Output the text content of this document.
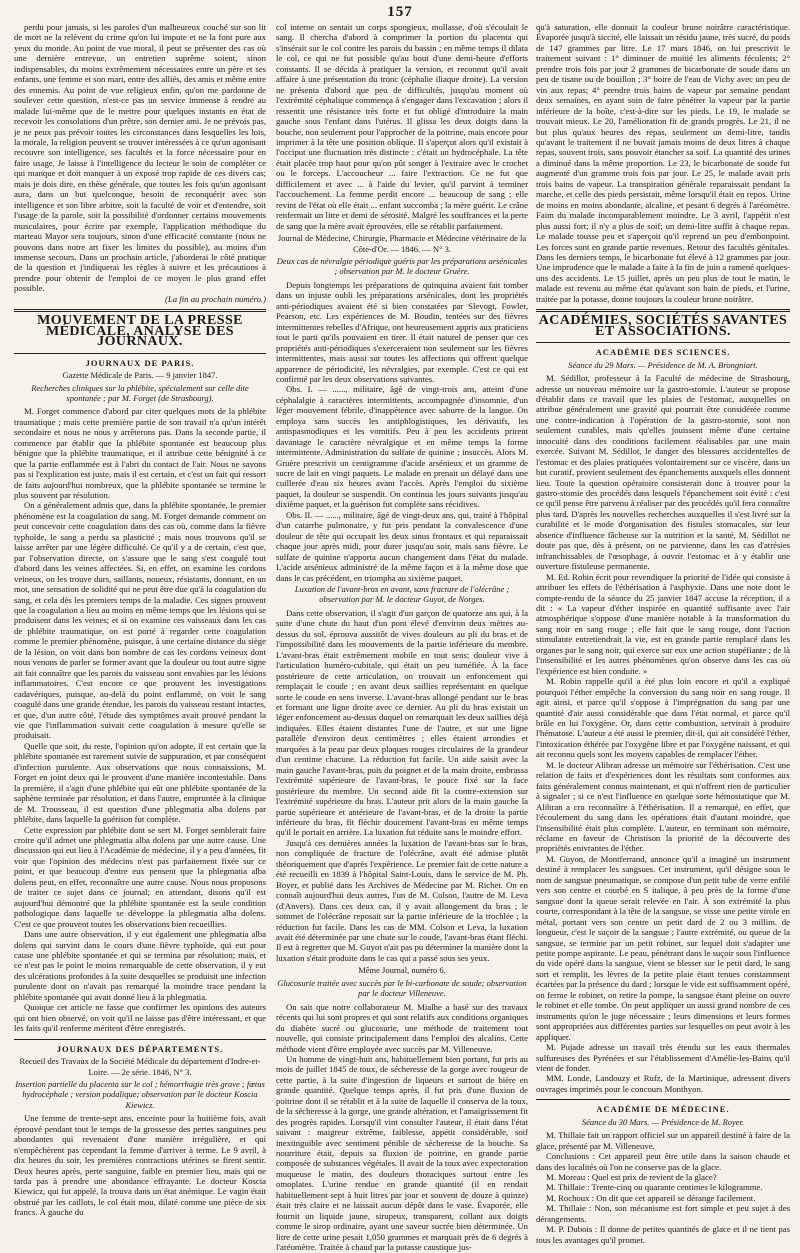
157

perdu pour jamais, si les paroles d'un malheureux couché sur son lit de mort ne la relèvent du crime qu'on lui impute et ne la font pure aux yeux du monde. Au point de vue moral, il peut se présenter des cas où une dernière entrevue, un entretien suprême soient, sinon indispensables, du moins extrêmement nécessaires entre un père et ses enfants, une femme et son mari, entre des alliés, des amis et même entre des ennemis. Au point de vue religieux enfin, qu'on me pardonne de soulever cette question, n'est-ce pas un service immense à rendre au malade lui-même que de le mettre pour quelques instants en état de recevoir les consolations d'un prêtre, son dernier ami. Je ne prévois pas, je ne peux pas prévoir toutes les circonstances dans lesquelles les lois, la morale, la religion peuvent se trouver intéressées à ce qu'un agonisant recouvre son intelligence, ses facultés et la force nécessaire pour en faire usage. Je laisse à l'intelligence du lecteur le soin de compléter ce qui manque et doit manquer à un exposé trop rapide de ces divers cas; mais je dois dire, en thèse générale, que toutes les fois qu'un agonisant aura, dans un but quelconque, besoin de reconquérir avec son intelligence et son libre arbitre, soit la faculté de voir et d'entendre, soit l'usage de la parole, soit la possibilité d'ordonner certains mouvements musculaires, pour écrire par exemple, l'application méthodique du marteau Mayor sera toujours, sinon d'une efficacité constante (nous ne pouvons dans notre art fixer les limites du possible), au moins d'un immense secours. Dans un prochain article, j'aborderai le côté pratique de la question et j'indiquerai les règles à suivre et les précautions à prendre pour obtenir de l'emploi de ce moyen le plus grand effet possible.

(La fin au prochain numéro.)
MOUVEMENT DE LA PRESSE MÉDICALE, ANALYSE DES JOURNAUX.
JOURNAUX DE PARIS.
Gazette Médicale de Paris. — 9 janvier 1847.
Recherches cliniques sur la phlébite, spécialement sur celle dite spontanée ; par M. Forget (de Strasbourg).

M. Forget commence d'abord par citer quelques mots de la phlébite traumatique ; mais cette première partie de son travail n'a qu'un intérêt secondaire et nous ne nous y arrêterons pas. Dans la seconde partie, il commence par établir que la phlébite spontanée est beaucoup plus bénigne que la phlébite traumatique, et il attribue cette bénignité à ce que la partie enflammée est à l'abri du contact de l'air. Nous ne savons pas si l'explication est juste, mais il est certain, et c'est un fait qui ressort de faits aujourd'hui nombreux, que la phlébite spontanée se termine le plus souvent par résolution.

On a généralement admis que, dans la phlébite spontanée, le premier phénomène est la coagulation du sang. M. Forget demande comment on peut concevoir cette coagulation dans des cas où, comme dans la fièvre typhoïde, le sang a perdu sa plasticité ; mais nous trouvons qu'il se laisse arrêter par une légère difficulté. Ce qu'il y a de certain, c'est que, par l'observation directe, on s'assure que le sang s'est coagulé tout d'abord dans les veines affectées. Si, en effet, on examine les cordons veineux, on les trouve durs, saillants, noueux, résistants, donnant, en un mot, une sensation de solidité qui ne peut être due qu'à la coagulation du sang, et cela dès les premiers temps de la maladie. Ces signes prouvent que la coagulation a lieu au moins en même temps que les lésions qui se produisent dans les veines; et si on examine ces vaisseaux dans les cas de phlébite traumatique, on est porté à regarder cette coagulation comme le premier phénomène, puisque, à une certaine distance du siège de la lésion, on voit dans bon nombre de cas les cordons veineux dont nous venons de parler se former avant que la douleur ou tout autre signe ait fait connaître que les parois du vaisseau sont envahies par les lésions inflammatoires. C'est encore ce que prouvent les investigations cadavériques, puisque, au-delà du point enflammé, on voit le sang coagulé dans une grande étendue, les parois du vaisseau restant intactes, et que, d'un autre côté, l'étude des symptômes avait prouvé pendant la vie que l'inflammation suivait cette coagulation à mesure qu'elle se produisait.

Quelle que soit, du reste, l'opinion qu'on adopte, il est certain que la phlébite spontanée est rarement suivie de suppuration, et par conséquent d'infection purulente. Aux observations que nous connaissions, M. Forget en joint deux qui le prouvent d'une manière incontestable. Dans la première, il s'agit d'une phlébite qui eût une phlébite spontanée de la saphène terminée par résolution, et dans l'autre, empruntée à la clinique de M. Trousseau, il est question d'une phlegmatia alba dolens par phlébite, dans laquelle la guérison fut complète.

Cette expression par phlébite dont se sert M. Forget semblerait faire croire qu'il admet une phlegmatia alba dolens par une autre cause. Une discussion qui eut lieu à l'Académie de médecine, il y a peu d'années, fit voir que l'opinion des médecins n'est pas parfaitement fixée sur ce point, et que beaucoup d'entre eux pensent que la phlegmatia alba dolens peut, en effet, reconnaître une autre cause. Nous nous proposons de traiter ce sujet dans ce journal; en attendant, disons qu'il est aujourd'hui démontré que la phlébite spontanée est la seule condition pathologique dans laquelle se développe la phlegmatia alba dolens. C'est ce que prouvent toutes les observations bien recueillies.

Dans une autre observation, il y eut également une phlegmatia alba dolens qui survint dans le cours d'une fièvre typhoïde, qui eut pour cause une phlébite spontanée et qui se termina par résolution; mais, et ce n'est pas le point le moins remarquable de cette observation, il y eut des ulcérations profondes à la suite desquelles se produisit une infection purulente dont on n'avait pas remarqué la moindre trace pendant la phlébite spontanée qui avait donné lieu à la phlegmatia.

Quoique cet article ne fasse que confirmer les opinions des auteurs qui ont bien observé, on voit qu'il ne laisse pas d'être intéressant, et que les faits qu'il renferme méritent d'être enregistrés.

JOURNAUX DES DÉPARTEMENTS.
Recueil des Travaux de la Société Médicale du département d'Indre-et-Loire. — 2e série. 1846, N° 3.
Insertion partielle du placenta sur le col ; hémorrhagie très grave ; fœtus hydrocéphale ; version podalique; observation par le docteur Koscia Kiewicz.

Une femme de trente-sept ans, enceinte pour la huitième fois, avait éprouvé pendant tout le temps de la grossesse des pertes sanguines peu abondantes qui revenaient d'une manière irrégulière, et qui n'empêchèrent pas cependant la femme d'arriver à terme. Le 9 avril, à dix heures du soir, les premières contractions utérines se firent sentir. Deux heures après, perte sanguine, faible en premier lieu, mais qui ne tarda pas à prendre une abondance effrayante. Le docteur Koscia Kiewicz, qui fut appelé, la trouva dans un état anémique. Le vagin était obstrué par les caillots, le col était mou, dilaté comme une pièce de six francs. À gauche du

col interne on sentait un corps spongieux, mollasse, d'où s'écoulait le sang. Il chercha d'abord à comprimer la portion du placenta qui s'insérait sur le col contre les parois du bassin ; en même temps il dilata le col, ce qui ne fut possible qu'au bout d'une demi-heure d'efforts constants. Il se décida à pratiquer la version, et reconnut qu'il avait affaire à une présentation du tronc (céphalie iliaque droite). La version ne présenta d'abord que peu de difficultés, jusqu'au moment où l'extrémité céphalique commença à s'engager dans l'excavation ; alors il ressentit une résistance très forte et fut obligé d'introduire la main gauche sous l'enfant dans l'utérus. Il glissa les deux doigts dans la bouche, non seulement pour l'approcher de la poitrine, mais encore pour imprimer à la tête une position oblique. Il s'aperçut alors qu'il existait à l'occiput une fluctuation très distincte : c'était un hydrocéphale. La tête était placée trop haut pour qu'on pût songer à l'extraire avec le crochet ou le forceps. L'accoucheur ... faire l'extraction. Ce ne fut que difficilement et avec ... à l'aide du levier, qu'il parvint à terminer l'accouchement. La femme perdit encore ... beaucoup de sang ; elle revint de l'état où elle était ... enfant succomba ; la mère guérit. Le crâne renfermait un litre et demi de sérosité. Malgré les souffrances et la perte de sang que la mère avait éprouvées, elle se rétablit parfaitement.

Journal de Médecine, Chirurgie, Pharmacie et Médecine vétérinaire de la Côte-d'Or. — 1846. — N° 3.
Deux cas de névralgie périodique guéris par les préparations arsénicales ; observation par M. le docteur Gruère.

Depuis longtemps les préparations de quinquina avaient fait tomber dans un injuste oubli les préparations arsénicales, dont les propriétés anti-périodiques avaient été si bien constatées par Slevogt, Fowler, Pearson, etc. Les expériences de M. Boudin, tentées sur des fièvres intermittentes rebelles d'Afrique, ont heureusement appris aux praticiens tout le parti qu'ils pouvaient en tirer. Il était naturel de penser que ces propriétés anti-périodiques s'exerceraient non seulement sur les fièvres intermittentes, mais aussi sur toutes les affections qui offrent quelque apparence de périodicité, les névralgies, par exemple. C'est ce qui est confirmé par les deux observations suivantes.

Obs. I. — ......, militaire, âgé de vingt-trois ans, atteint d'une céphalalgie à caractères intermittents, accompagnée d'insomnie, d'un léger mouvement fébrile, d'inappétence avec saburre de la langue. On employa sans succès les antiphlogistiques, les dérivatifs, les antispasmodiques et les vomitifs. Peu à peu les accidents prirent davantage le caractère névralgique et en même temps la forme intermittente. Administration du sulfate de quinine ; insuccès. Alors M. Gruère prescrivit un centigramme d'acide arsénieux et un gramme de sucre de lait en vingt paquets. Le malade en prenait un délayé dans une cuillerée d'eau six heures avant l'accès. Après l'emploi du sixième paquet, la douleur se suspendit. On continua les jours suivants jusqu'au dixième paquet, et la guérison fut complète sans récidives.

Obs. II. — ......, militaire, âgé de vingt-deux ans, qui, traité à l'hôpital d'un catarrhe pulmonaire, y fut pris pendant la convalescence d'une douleur de tête qui occupait les deux sinus frontaux et qui reparaissait chaque jour après midi, pour durer jusqu'au soir, mais sans fièvre. Le sulfate de quinine n'apporta aucun changement dans l'état du malade. L'acide arsénieux administré de la même façon et à la même dose que dans le cas précédent, en triompha au sixième paquet.

Luxation de l'avant-bras en avant, sans fracture de l'olécrâne ; observation par M. le docteur Guyot, de Norges.

Dans cette observation, il s'agit d'un garçon de quatorze ans qui, à la suite d'une chute du haut d'un pont élevé d'environ deux mètres au-dessus du sol, éprouva aussitôt de vives douleurs au pli du bras et de l'impossibilité dans les mouvements de la partie inférieure du membre. L'avant-bras était extrêmement mobile en tout sens; douleur vive à l'articulation huméro-cubitale, qui était un peu tuméfiée. À la face postérieure de cette articulation, on trouvait un enfoncement qui remplaçait le coude ; en avant deux saillies représentant en quelque sorte le coude en sens inverse. L'avant-bras allongé pendant sur le bras et formant une ligne droite avec ce dernier. Au pli du bras existait un léger enfoncement au-dessus duquel on remarquait les deux saillies déjà indiquées. Elles étaient distantes l'une de l'autre, et sur une ligne parallèle d'environ deux centimètres ; elles étaient arrondies et marquées à la peau par deux plaques rouges circulaires de la grandeur d'un centime chacune. La réduction fut facile. Un aide saisit avec la main gauche l'avant-bras, puis du poignet et de la main droite, embrassa l'extrémité supérieure de l'avant-bras, le pouce fixé sur la face postérieure du membre. Un second aide fit la contre-extension sur l'extrémité supérieure du bras. L'auteur prit alors de la main gauche la partie supérieure et antérieure de l'avant-bras, et de la droite la partie inférieure du bras, fit fléchir doucement l'avant-bras en même temps qu'il le portait en arrière. La luxation fut réduite sans le moindre effort.

Jusqu'à ces dernières années la luxation de l'avant-bras sur le bras, non compliquée de fracture de l'olécrâne, avait été admise plutôt théoriquement que d'après l'expérience. Le premier fait de cette nature a été recueilli en 1839 à l'hôpital Saint-Louis, dans le service de M. Ph. Boyer, et publié dans les Archives de Médecine par M. Richet. On en connaît aujourd'hui deux autres, l'un de M. Colson, l'autre de M. Leva (d'Anvers). Dans ces deux cas, il y avait allongement du bras ; le sommet de l'olécrâne reposait sur la partie inférieure de la trochlée ; la réduction fut facile. Dans les cas de MM. Colson et Leva, la luxation avait été déterminée par une chute sur le coude, l'avant-bras étant fléchi. Il est à regretter que M. Guyot n'ait pas pu déterminer la manière dont la luxation s'était produite dans le cas qui a passé sous ses yeux.

Même Journal, numéro 6.
Glucosurie traitée avec succès par le bi-carbonate de soude; observation par le docteur Villeneuve.

On sait que notre collaborateur M. Mialhe a basé sur des travaux récents qui lui sont propres et qui sont relatifs aux conditions organiques du diabète sucré ou glucosurie, une méthode de traitement tout nouvelle, qui consiste principalement dans l'emploi des alcalins. Cette méthode vient d'être employée avec succès par M. Villeneuve.

Un homme de vingt-huit ans, habituellement bien portant, fut pris au mois de juillet 1845 de toux, de sécheresse de la gorge avec rougeur de cette partie, à la suite d'ingestion de liqueurs et surtout de bière en grande quantité. Quelque temps après, il fut pris d'une fluxion de poitrine dont il se rétablit et à la suite de laquelle il conserva de la toux, de la sécheresse à la gorge, une grande altération, et l'amaigrissement fit des progrès rapides. Lorsqu'il vint consulter l'auteur, il était dans l'état suivant : maigreur extrême, faiblesse, appétit considérable, soif inextinguible avec sentiment pénible de sécheresse de la bouche. Sa nourriture était, depuis sa fluxion de poitrine, en grande partie composée de substances végétales. Il avait de la toux avec expectoration muqueuse le matin, des douleurs thoraciques surtout entre les omoplates. L'urine rendue en grande quantité (il en rendait habituellement sept à huit litres par jour et souvent de douze à quinze) était très claire et ne laissait aucun dépôt dans le vase. Évaporée, elle fournit un liquide jaune, sirupeux, transparent, collant aux doigts comme le sirop ordinaire, ayant une saveur sucrée bien déterminée. Un litre de cette urine pesait 1,050 grammes et marquait près de 6 degrés à l'aréomètre. Traitée à chaud par la potasse caustique jus-

qu'à saturation, elle donnait la couleur brune noirâtre caractéristique. Évaporée jusqu'à siccité, elle laissait un résidu jaune, très sucré, du poids de 147 grammes par litre. Le 17 mars 1846, on lui prescrivit le traitement suivant : 1° diminuer de moitié les aliments féculents; 2° prendre trois fois par jour 2 grammes de bicarbonate de soude dans un peu de tisane ou de bouillon ; 3° boire de l'eau de Vichy avec un peu de vin aux repas; 4° prendre trois bains de vapeur par semaine pendant deux semaines, en ayant soin de faire pénétrer la vapeur par la partie inférieure de la boîte, c'est-à-dire sur les pieds. Le 19, le malade se trouvait mieux. Le 20, l'amélioration fit de grands progrès. Le 21, il ne but plus qu'aux heures des repas, seulement un demi-litre, tandis qu'avant le traitement il ne buvait jamais moins de deux litres à chaque repas, souvent trois, sans pouvoir étancher sa soif. La quantité des urines a diminué dans la même proportion. Le 23, le bicarbonate de soude fut augmenté d'un gramme trois fois par jour. Le 25, le malade avait pris trois bains de vapeur. La transpiration générale reparaissait pendant la marche, et celle des pieds persistait, même lorsqu'il était en repos. Urine de moins en moins abondante, alcaline, et pesant 6 degrés à l'aréomètre. Faim du malade incomparablement moindre. Le 3 avril, l'appétit n'est plus aussi fort; il n'y a plus de soif; un demi-litre suffit à chaque repas. Le malade tousse peu et s'aperçoit qu'il reprend un peu d'embonpoint. Les forces sont en grande partie revenues. Retour des facultés génitales. Dans les derniers temps, le bicarbonate fut élevé à 12 grammes par jour. Une imprudence que le malade a faite à la fin de juin a ramené quelques-uns des accidents. Le 15 juillet, après un peu plus de tout le matin, le malade est revenu au même état qu'avant son bain de pieds, et l'urine, traitée par la potasse, donne toujours la couleur brune noirâtre.

ACADÉMIES, SOCIÉTÉS SAVANTES ET ASSOCIATIONS.
ACADÉMIE DES SCIENCES.
Séance du 29 Mars. — Présidence de M. A. Brongniart.

M. Sédillot, professeur à la Faculté de médecine de Strasbourg, adresse un nouveau mémoire sur la gastro-stomie. L'auteur se propose d'établir dans ce travail que les plaies de l'estomac, auxquelles on attribue généralement une gravité qui pourrait être considérée comme une contre-indication à l'opération de la gastro-stomie, sont non seulement curables, mais qu'elles jouissent même d'une certaine innocuité dans des conditions facilement réalisables par une main exercée. Suivant M. Sédillot, le danger des blessures accidentelles de l'estomac et des plaies pratiquées volontairement sur ce viscère, dans un but curatif, provient seulement des épanchements auxquels elles donnent lieu. Toute la question opératoire consisterait donc à trouver pour la gastro-stomie des procédés dans lesquels l'épanchement soit évité : c'est ce qu'il pense être parvenu à réaliser par des procédés qu'il fera connaître plus tard. D'après les nouvelles recherches auxquelles il s'est livré sur la curabilité et le mode d'organisation des fistules stomacales, sur leur absence d'influence fâcheuse sur la nutrition et la santé, M. Sédillot ne doute pas que, dès à présent, on ne parvienne, dans les cas d'atrésies infranchissables de l'œsophage, à ouvrir l'estomac et à y établir une ouverture fistuleuse permanente.

M. Ed. Robin écrit pour revendiquer la priorité de l'idée qui consiste à attribuer les effets de l'éthérisation à l'asphyxie. Dans une note dont le compte-rendu de la séance du 25 janvier 1847 accuse la réception, il a dit : « La vapeur d'éther inspirée en quantité suffisante avec l'air atmosphérique s'oppose d'une manière notable à la transformation du sang noir en sang rouge ; elle fait que le sang rouge, dont l'action stimulante entretiendrait la vie, est en grande partie remplacé dans les organes par le sang noir, qui exerce sur eux une action stupéfiante ; de là l'insensibilité et les autres phénomènes qu'on observe dans les cas où l'expérience est bien conduite. »

M. Robin rappelle qu'il a été plus loin encore et qu'il a expliqué pourquoi l'éther empêche la conversion du sang noir en sang rouge. Il agit ainsi, et parce qu'il s'oppose à l'imprégnation du sang par une quantité d'air aussi considérable que dans l'état normal, et parce qu'il brûle en lui l'oxygène. Or, dans cette combustion, servirait à produire l'hématose. L'auteur a été aussi le premier, dit-il, qui ait considéré l'éther, l'intoxication éthérée par l'oxygène libre et par l'oxygène naissant, et qui ait reconnu quels sont les moyens capables de remplacer l'éther.

M. le docteur Alibran adresse un mémoire sur l'éthérisation. C'est une relation de faits et d'expériences dont les résultats sont conformes aux faits généralement connus maintenant, et qui n'offrent rien de particulier à signaler ; si ce n'est l'influence en quelque sorte hémostatique que M. Alibran a cru reconnaître à l'éthérisation. Il a remarqué, en effet, que l'écoulement du sang dans les opérations était d'autant moindre, que l'insensibilité était plus complète. L'auteur, en terminant son mémoire, réclame en faveur de Christison la priorité de la découverte des propriétés enivrantes de l'éther.

M. Guyon, de Montferrand, annonce qu'il a imaginé un instrument destiné à remplacer les sangsues. Cet instrument, qu'il désigne sous le nom de sangsue pneumatique, se compose d'un petit tube de verre enfilé vers son centre et courbé en S italique, à peu près de la forme d'une sangsue dont la queue serait relevée en l'air. À son extrémité la plus courte, correspondant à la tête de la sangsue, se visse une petite virole en métal, portant vers son centre un petit dard de 2 ou 3 millim. de longueur, c'est le suçoir de la sangsue ; l'autre extrémité, ou queue de la sangsue, se termine par un petit robinet, sur lequel doit s'adapter une petite pompe aspirante. Le peau, pénétrant dans le suçoir sous l'influence du vide opéré dans la sangsue, vient se blesser sur le petit dard, le sang sort et remplit, les lèvres de la petite plaie étant tenues constamment écartées par la présence du dard ; lorsque le vide est suffisamment opéré, on ferme le robinet, on retire la pompe, la sangsue étant pleine on ouvre le robinet et elle tombe. On peut appliquer un aussi grand nombre de ces instruments qu'on le juge nécessaire ; leurs dimensions et leurs formes sont appropriées aux différentes parties sur lesquelles on peut avoir à les appliquer.

M. Pujade adresse un travail très étendu sur les eaux thermales sulfureuses des Pyrénées et sur l'établissement d'Amélie-les-Bains qu'il vient de fonder.

MM. Londe, Landouzy et Rufz, de la Martinique, adressent divers ouvrages imprimés pour le concours Monthyon.

ACADÉMIE DE MÉDECINE.
Séance du 30 Mars. — Présidence de M. Royer.

M. Thillaie fait un rapport officiel sur un appareil destiné à faire de la glace, présenté par M. Villeneuve.

Conclusions : Cet appareil peut être utile dans la saison chaude et dans des localités où l'on ne conserve pas de la glace.

M. Moreau : Quel est prix de revient de la glace?

M. Thillaie : Trente-cinq ou quarante centimes le kilogramme.

M. Rochoux : On dit que cet appareil se dérange facilement.

M. Thillaie : Non, son mécanisme est fort simple et peu sujet à des dérangements.

M. P. Dubois : Il donne de petites quantités de glace et il ne tient pas tous les avantages qu'il promet.
